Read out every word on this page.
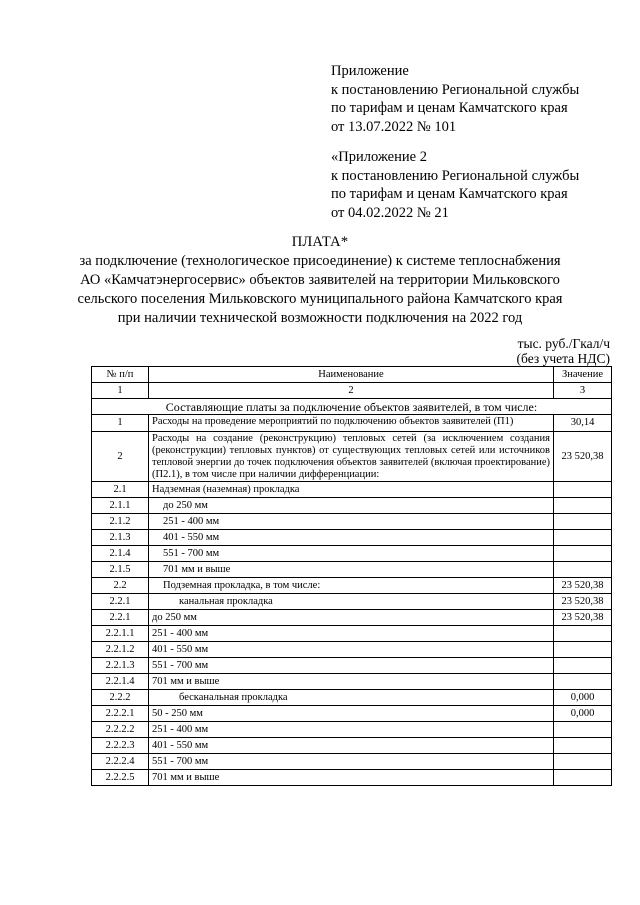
Приложение
к постановлению Региональной службы
по тарифам и ценам Камчатского края
от 13.07.2022 № 101
«Приложение 2
к постановлению Региональной службы
по тарифам и ценам Камчатского края
от 04.02.2022 № 21
ПЛАТА*
за подключение (технологическое присоединение) к системе теплоснабжения
АО «Камчатэнергосервис» объектов заявителей на территории Мильковского
сельского поселения Мильковского муниципального района Камчатского края
при наличии технической возможности подключения на 2022 год
тыс. руб./Гкал/ч
(без учета НДС)
№ п/п	Наименование	Значение
1	2	3
Составляющие платы за подключение объектов заявителей, в том числе:		
1	Расходы на проведение мероприятий по подключению объектов заявителей (П1)	30,14
2	Расходы на создание (реконструкцию) тепловых сетей (за исключением создания (реконструкции) тепловых пунктов) от существующих тепловых сетей или источников тепловой энергии до точек подключения объектов заявителей (включая проектирование) (П2.1), в том числе при наличии дифференциации:	23 520,38
2.1	Надземная (наземная) прокладка	
2.1.1	до 250 мм	
2.1.2	251 - 400 мм	
2.1.3	401 - 550 мм	
2.1.4	551 - 700 мм	
2.1.5	701 мм и выше	
2.2	Подземная прокладка, в том числе:	23 520,38
2.2.1	канальная прокладка	23 520,38
2.2.1	до 250 мм	23 520,38
2.2.1.1	251 - 400 мм	
2.2.1.2	401 - 550 мм	
2.2.1.3	551 - 700 мм	
2.2.1.4	701 мм и выше	
2.2.2	бесканальная прокладка	0,000
2.2.2.1	50 - 250 мм	0,000
2.2.2.2	251 - 400 мм	
2.2.2.3	401 - 550 мм	
2.2.2.4	551 - 700 мм	
2.2.2.5	701 мм и выше	
